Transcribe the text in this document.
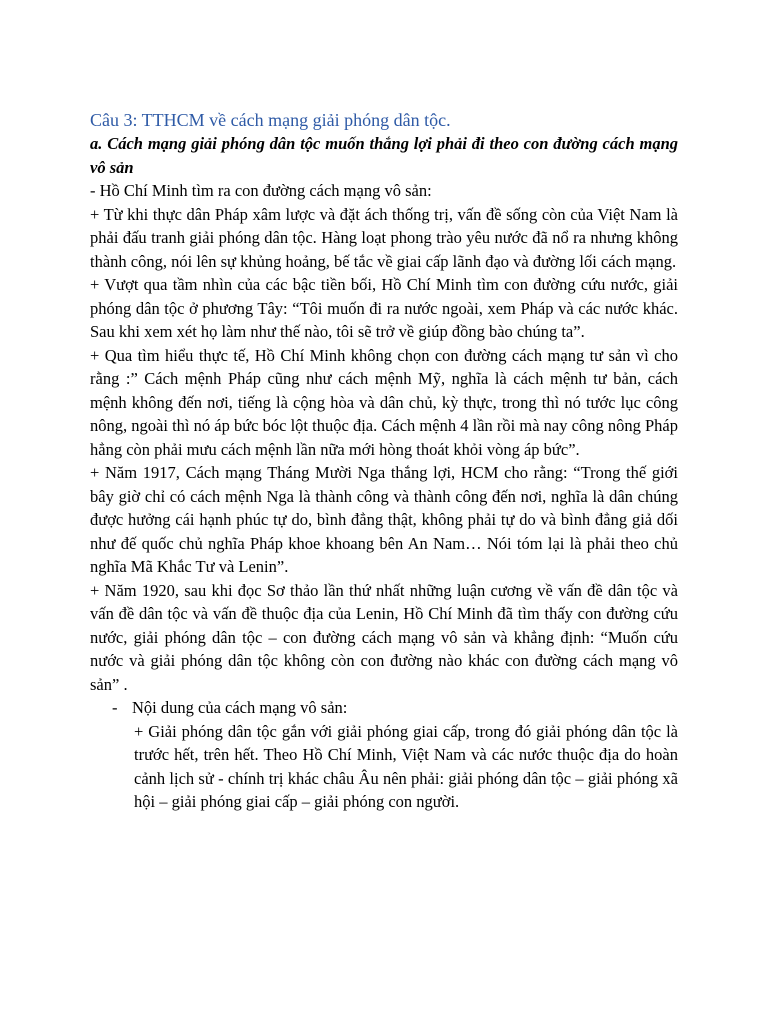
Câu 3: TTHCM về cách mạng giải phóng dân tộc.

a. Cách mạng giải phóng dân tộc muốn thắng lợi phải đi theo con đường cách mạng vô sản

- Hồ Chí Minh tìm ra con đường cách mạng vô sản:

+ Từ khi thực dân Pháp xâm lược và đặt ách thống trị, vấn đề sống còn của Việt Nam là phải đấu tranh giải phóng dân tộc. Hàng loạt phong trào yêu nước đã nổ ra nhưng không thành công, nói lên sự khủng hoảng, bế tắc về giai cấp lãnh đạo và đường lối cách mạng.

+ Vượt qua tầm nhìn của các bậc tiền bối, Hồ Chí Minh tìm con đường cứu nước, giải phóng dân tộc ở phương Tây: “Tôi muốn đi ra nước ngoài, xem Pháp và các nước khác. Sau khi xem xét họ làm như thế nào, tôi sẽ trở về giúp đồng bào chúng ta”.

+ Qua tìm hiểu thực tế, Hồ Chí Minh không chọn con đường cách mạng tư sản vì cho rằng :” Cách mệnh Pháp cũng như cách mệnh Mỹ, nghĩa là cách mệnh tư bản, cách mệnh không đến nơi, tiếng là cộng hòa và dân chủ, kỳ thực, trong thì nó tước lục công nông, ngoài thì nó áp bức bóc lột thuộc địa. Cách mệnh 4 lần rồi mà nay công nông Pháp hẳng còn phải mưu cách mệnh lần nữa mới hòng thoát khỏi vòng áp bức”.

+ Năm 1917, Cách mạng Tháng Mười Nga thắng lợi, HCM cho rằng: “Trong thế giới bây giờ chỉ có cách mệnh Nga là thành công và thành công đến nơi, nghĩa là dân chúng được hưởng cái hạnh phúc tự do, bình đẳng thật, không phải tự do và bình đẳng giả dối như đế quốc chủ nghĩa Pháp khoe khoang bên An Nam… Nói tóm lại là phải theo chủ nghĩa Mã Khắc Tư và Lenin”.

+ Năm 1920, sau khi đọc Sơ thảo lần thứ nhất những luận cương về vấn đề dân tộc và vấn đề dân tộc và vấn đề thuộc địa của Lenin, Hồ Chí Minh đã tìm thấy con đường cứu nước, giải phóng dân tộc – con đường cách mạng vô sản và khẳng định: “Muốn cứu nước và giải phóng dân tộc không còn con đường nào khác con đường cách mạng vô sản” .

- Nội dung của cách mạng vô sản:

+ Giải phóng dân tộc gắn với giải phóng giai cấp, trong đó giải phóng dân tộc là trước hết, trên hết. Theo Hồ Chí Minh, Việt Nam và các nước thuộc địa do hoàn cảnh lịch sử - chính trị khác châu Âu nên phải: giải phóng dân tộc – giải phóng xã hội – giải phóng giai cấp – giải phóng con người.
